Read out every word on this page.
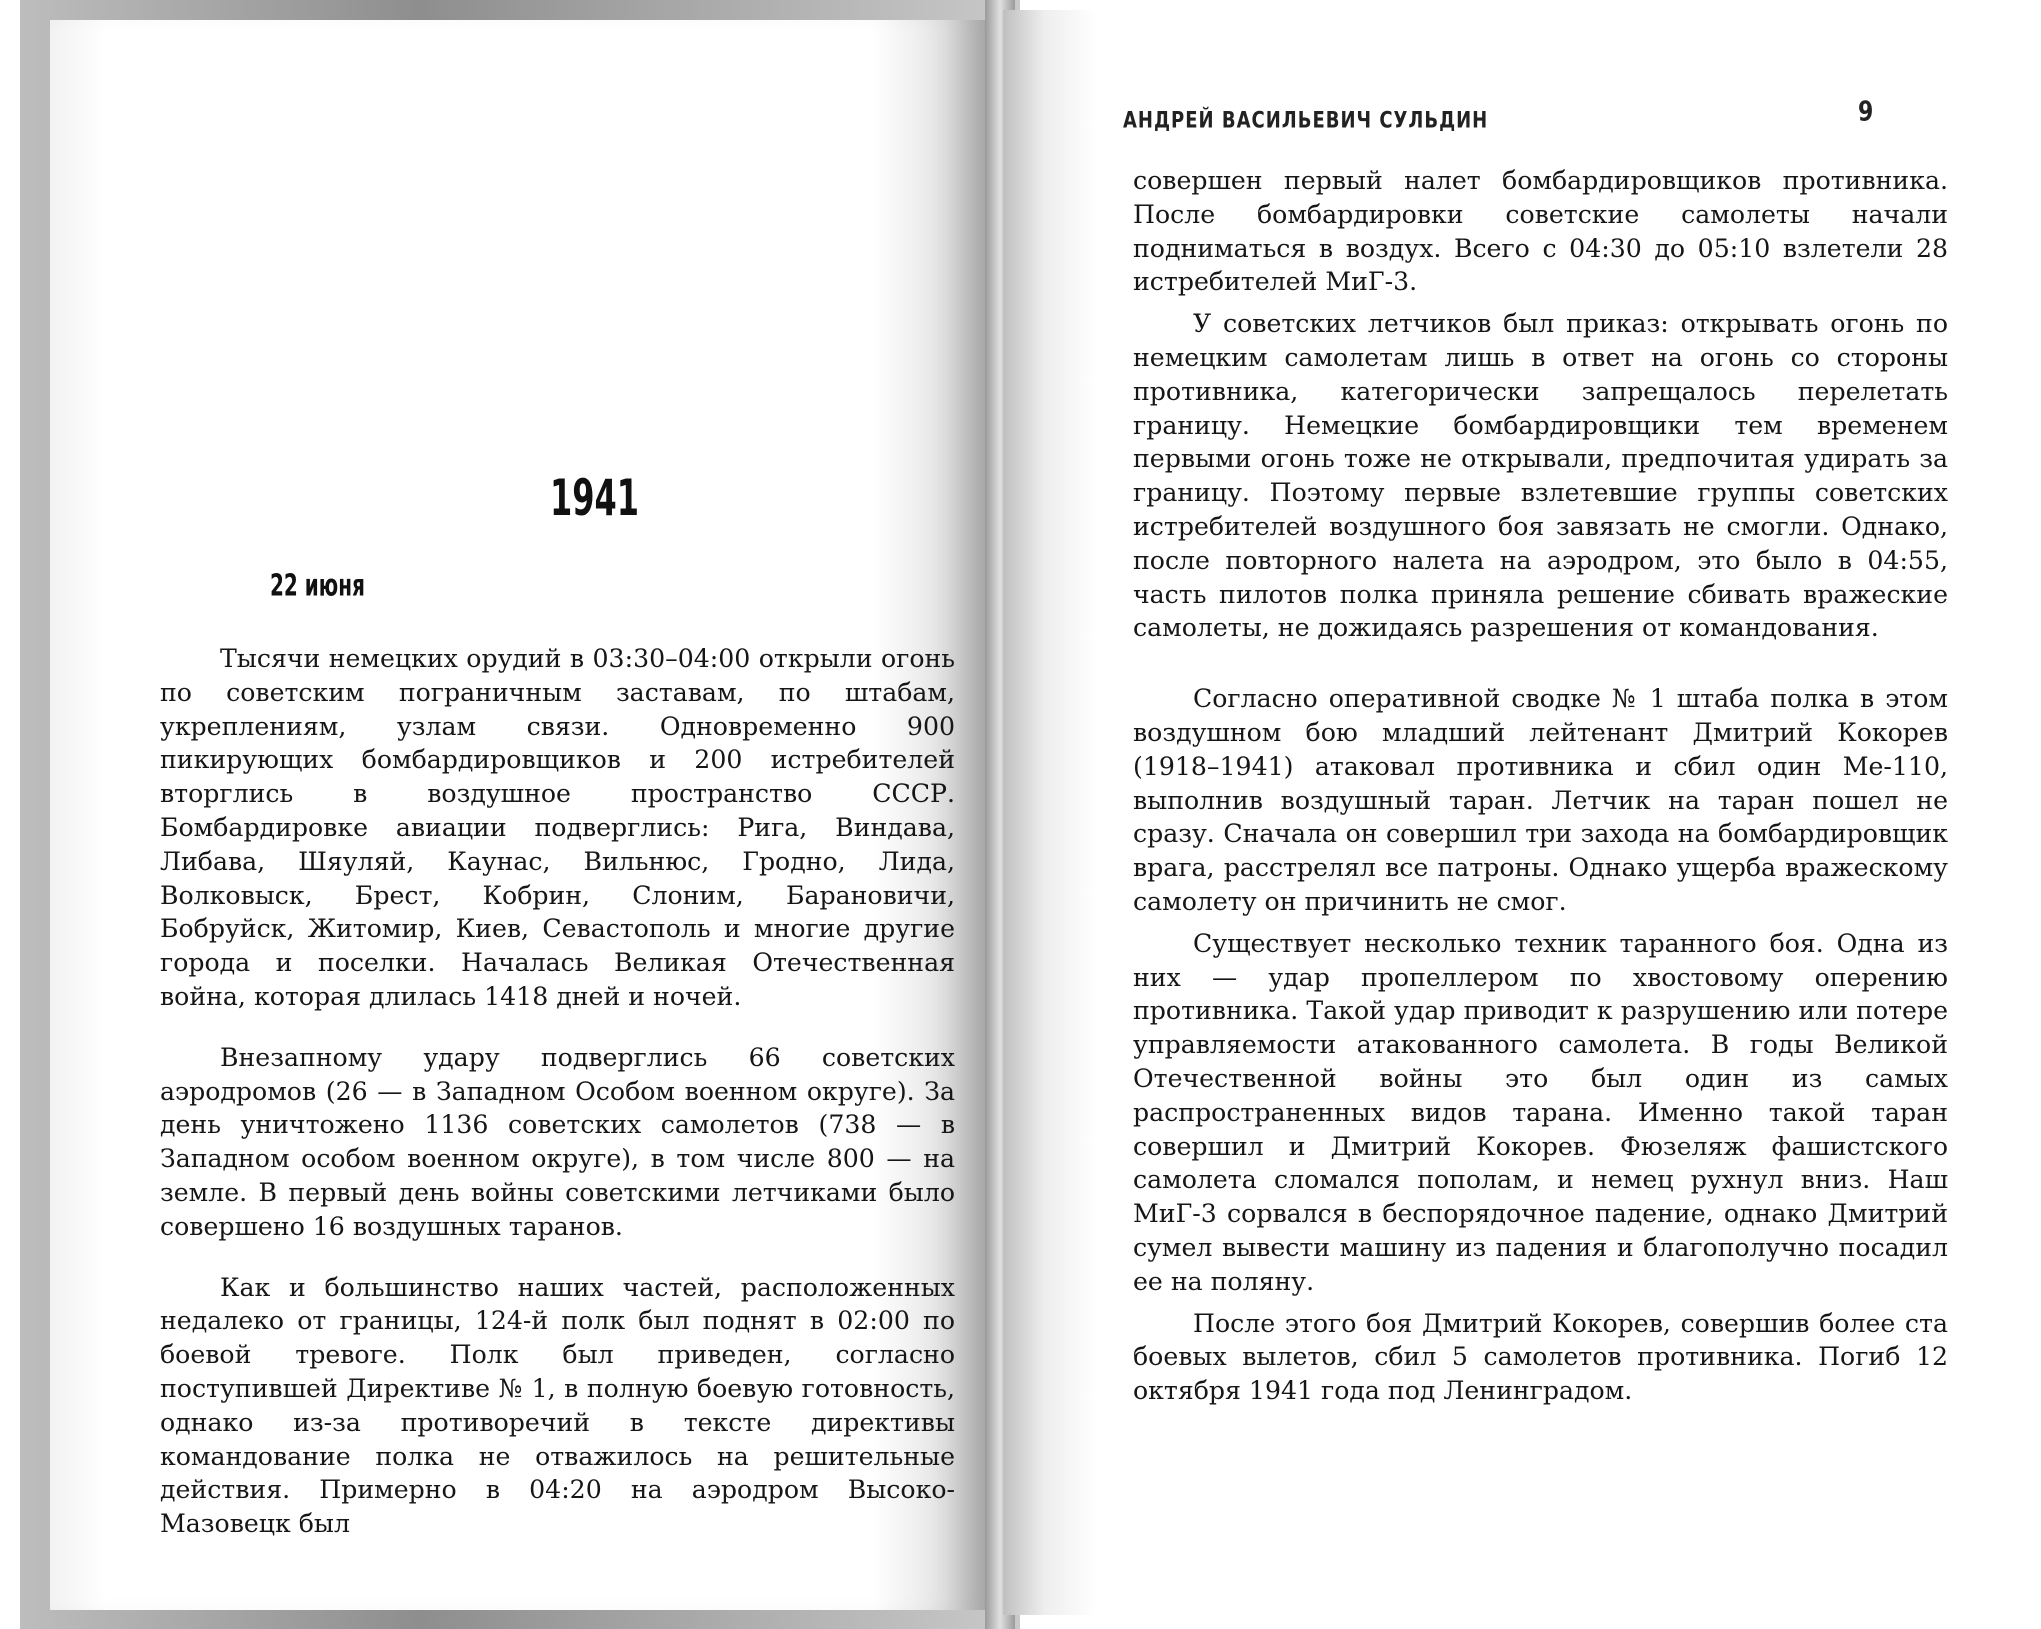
1941
22 июня

Тысячи немецких орудий в 03:30–04:00 открыли огонь по советским пограничным заставам, по штабам, укреплениям, узлам связи. Одновременно 900 пикирующих бомбардировщиков и 200 истребителей вторглись в воздушное пространство СССР. Бомбардировке авиации подверглись: Рига, Виндава, Либава, Шяуляй, Каунас, Вильнюс, Гродно, Лида, Волковыск, Брест, Кобрин, Слоним, Барановичи, Бобруйск, Житомир, Киев, Севастополь и многие другие города и поселки. Началась Великая Отечественная война, которая длилась 1418 дней и ночей.

Внезапному удару подверглись 66 советских аэродромов (26 — в Западном Особом военном округе). За день уничтожено 1136 советских самолетов (738 — в Западном особом военном округе), в том числе 800 — на земле. В первый день войны советскими летчиками было совершено 16 воздушных таранов.

Как и большинство наших частей, расположенных недалеко от границы, 124-й полк был поднят в 02:00 по боевой тревоге. Полк был приведен, согласно поступившей Директиве № 1, в полную боевую готовность, однако из-за противоречий в тексте директивы командование полка не отважилось на решительные действия. Примерно в 04:20 на аэродром Высоко-Мазовецк был

АНДРЕЙ ВАСИЛЬЕВИЧ СУЛЬДИН	9

совершен первый налет бомбардировщиков противника. После бомбардировки советские самолеты начали подниматься в воздух. Всего с 04:30 до 05:10 взлетели 28 истребителей МиГ-3.

У советских летчиков был приказ: открывать огонь по немецким самолетам лишь в ответ на огонь со стороны противника, категорически запрещалось перелетать границу. Немецкие бомбардировщики тем временем первыми огонь тоже не открывали, предпочитая удирать за границу. Поэтому первые взлетевшие группы советских истребителей воздушного боя завязать не смогли. Однако, после повторного налета на аэродром, это было в 04:55, часть пилотов полка приняла решение сбивать вражеские самолеты, не дожидаясь разрешения от командования.

Согласно оперативной сводке № 1 штаба полка в этом воздушном бою младший лейтенант Дмитрий Кокорев (1918–1941) атаковал противника и сбил один Ме-110, выполнив воздушный таран. Летчик на таран пошел не сразу. Сначала он совершил три захода на бомбардировщик врага, расстрелял все патроны. Однако ущерба вражескому самолету он причинить не смог.

Существует несколько техник таранного боя. Одна из них — удар пропеллером по хвостовому оперению противника. Такой удар приводит к разрушению или потере управляемости атакованного самолета. В годы Великой Отечественной войны это был один из самых распространенных видов тарана. Именно такой таран совершил и Дмитрий Кокорев. Фюзеляж фашистского самолета сломался пополам, и немец рухнул вниз. Наш МиГ-3 сорвался в беспорядочное падение, однако Дмитрий сумел вывести машину из падения и благополучно посадил ее на поляну.

После этого боя Дмитрий Кокорев, совершив более ста боевых вылетов, сбил 5 самолетов противника. Погиб 12 октября 1941 года под Ленинградом.
